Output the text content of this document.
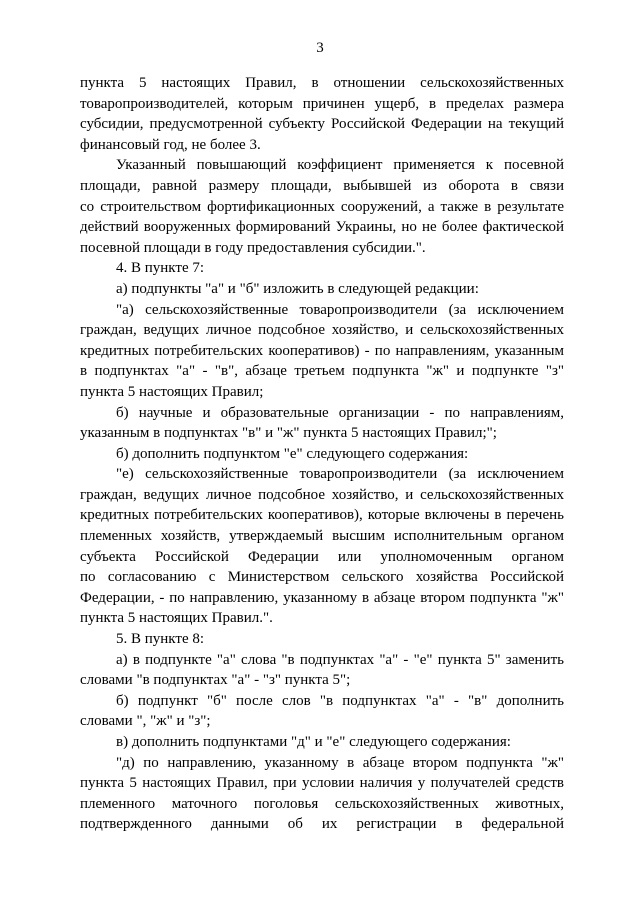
3
пункта 5 настоящих Правил, в отношении сельскохозяйственных
товаропроизводителей, которым причинен ущерб, в пределах размера
субсидии, предусмотренной субъекту Российской Федерации на текущий
финансовый год, не более 3.
Указанный повышающий коэффициент применяется к посевной
площади, равной размеру площади, выбывшей из оборота в связи
со строительством фортификационных сооружений, а также в результате
действий вооруженных формирований Украины, но не более фактической
посевной площади в году предоставления субсидии.".
4. В пункте 7:
а) подпункты "а" и "б" изложить в следующей редакции:
"а) сельскохозяйственные товаропроизводители (за исключением
граждан, ведущих личное подсобное хозяйство, и сельскохозяйственных
кредитных потребительских кооперативов) - по направлениям, указанным
в подпунктах "а" - "в", абзаце третьем подпункта "ж" и подпункте "з"
пункта 5 настоящих Правил;
б) научные и образовательные организации - по направлениям,
указанным в подпунктах "в" и "ж" пункта 5 настоящих Правил;";
б) дополнить подпунктом "е" следующего содержания:
"е) сельскохозяйственные товаропроизводители (за исключением
граждан, ведущих личное подсобное хозяйство, и сельскохозяйственных
кредитных потребительских кооперативов), которые включены в перечень
племенных хозяйств, утверждаемый высшим исполнительным органом
субъекта Российской Федерации или уполномоченным органом
по согласованию с Министерством сельского хозяйства Российской
Федерации, - по направлению, указанному в абзаце втором подпункта "ж"
пункта 5 настоящих Правил.".
5. В пункте 8:
а) в подпункте "а" слова "в подпунктах "а" - "е" пункта 5" заменить
словами "в подпунктах "а" - "з" пункта 5";
б) подпункт "б" после слов "в подпунктах "а" - "в" дополнить
словами ", "ж" и "з";
в) дополнить подпунктами "д" и "е" следующего содержания:
"д) по направлению, указанному в абзаце втором подпункта "ж"
пункта 5 настоящих Правил, при условии наличия у получателей средств
племенного маточного поголовья сельскохозяйственных животных,
подтвержденного данными об их регистрации в федеральной
